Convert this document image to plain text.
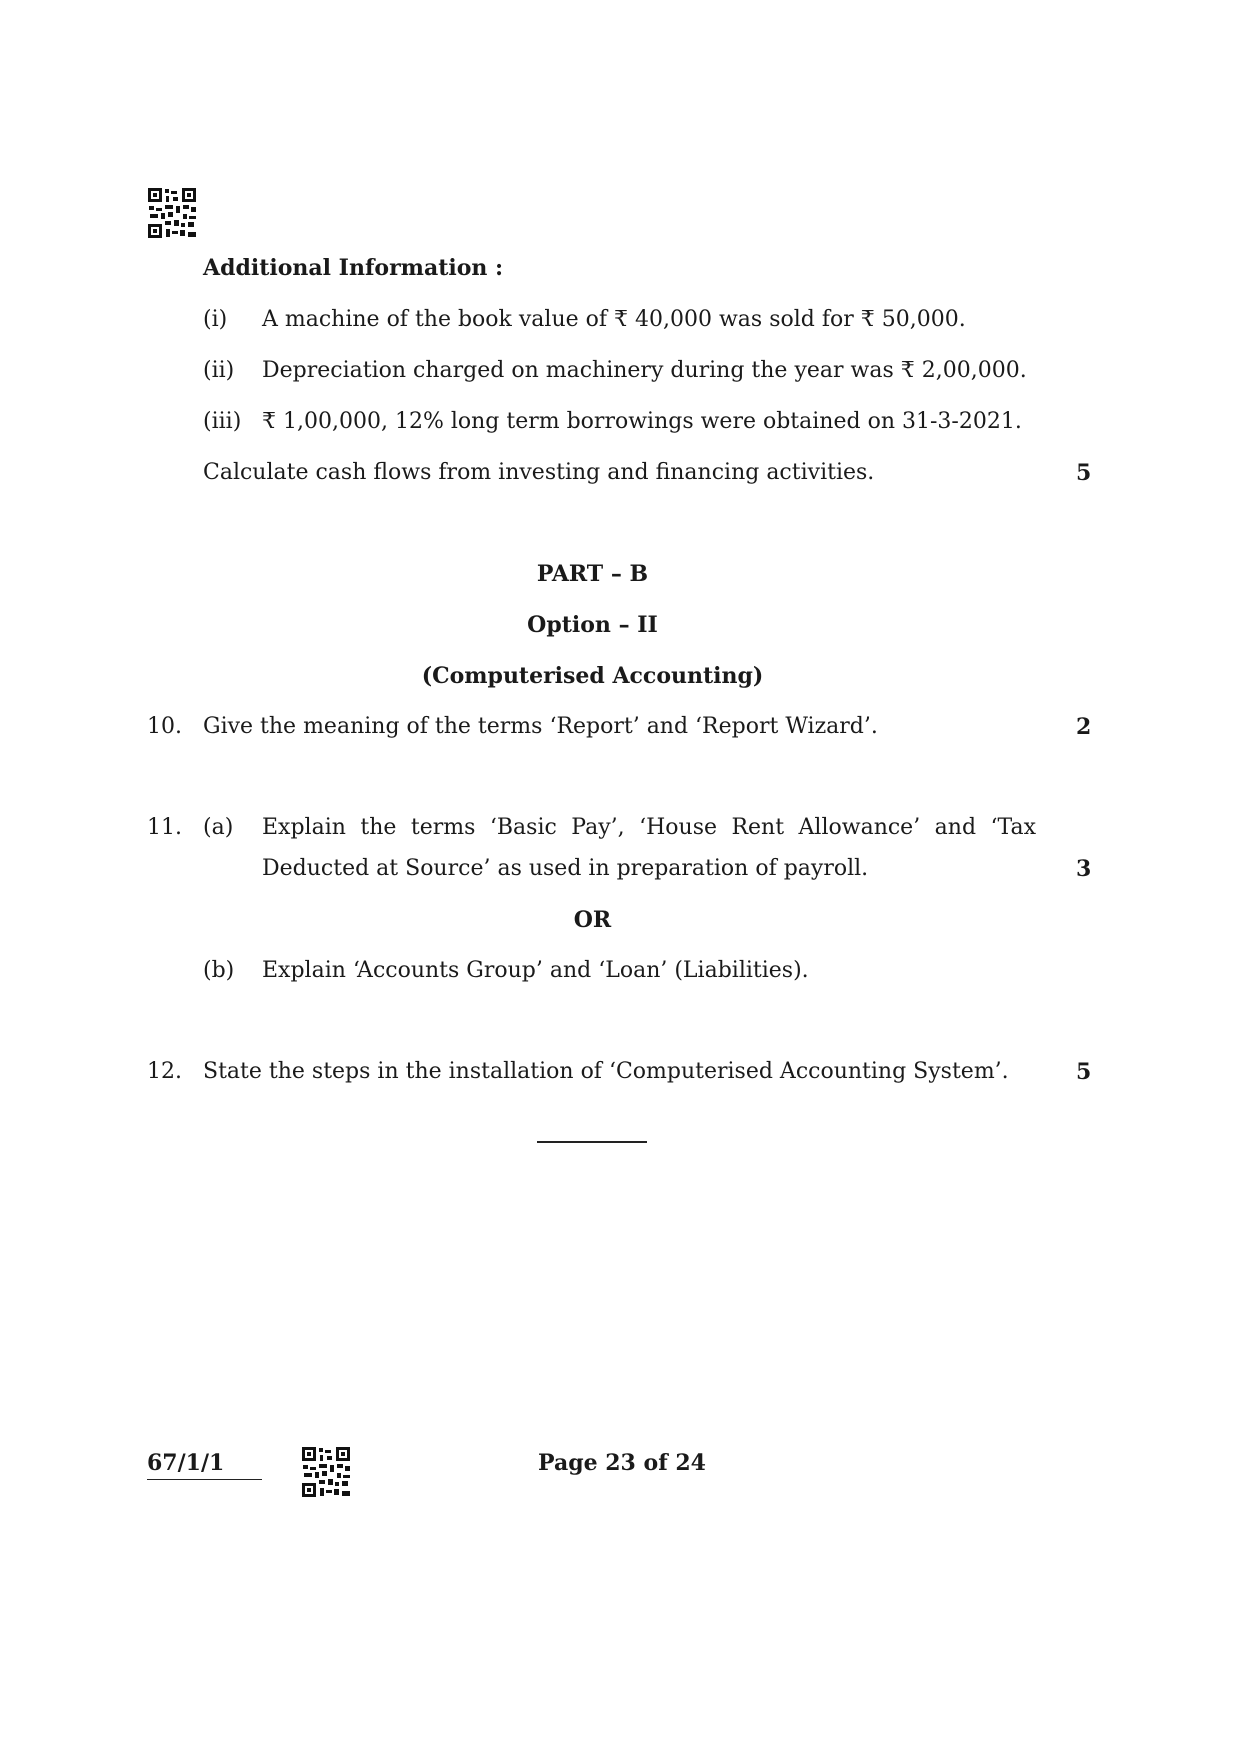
Additional Information :
(i) A machine of the book value of ₹ 40,000 was sold for ₹ 50,000.
(ii) Depreciation charged on machinery during the year was ₹ 2,00,000.
(iii) ₹ 1,00,000, 12% long term borrowings were obtained on 31-3-2021.
Calculate cash flows from investing and financing activities.	5
PART – B
Option – II
(Computerised Accounting)
10. Give the meaning of the terms ‘Report’ and ‘Report Wizard’.	2
11. (a) Explain the terms ‘Basic Pay’, ‘House Rent Allowance’ and ‘Tax
Deducted at Source’ as used in preparation of payroll.	3
OR
(b) Explain ‘Accounts Group’ and ‘Loan’ (Liabilities).
12. State the steps in the installation of ‘Computerised Accounting System’.	5
67/1/1	Page 23 of 24
